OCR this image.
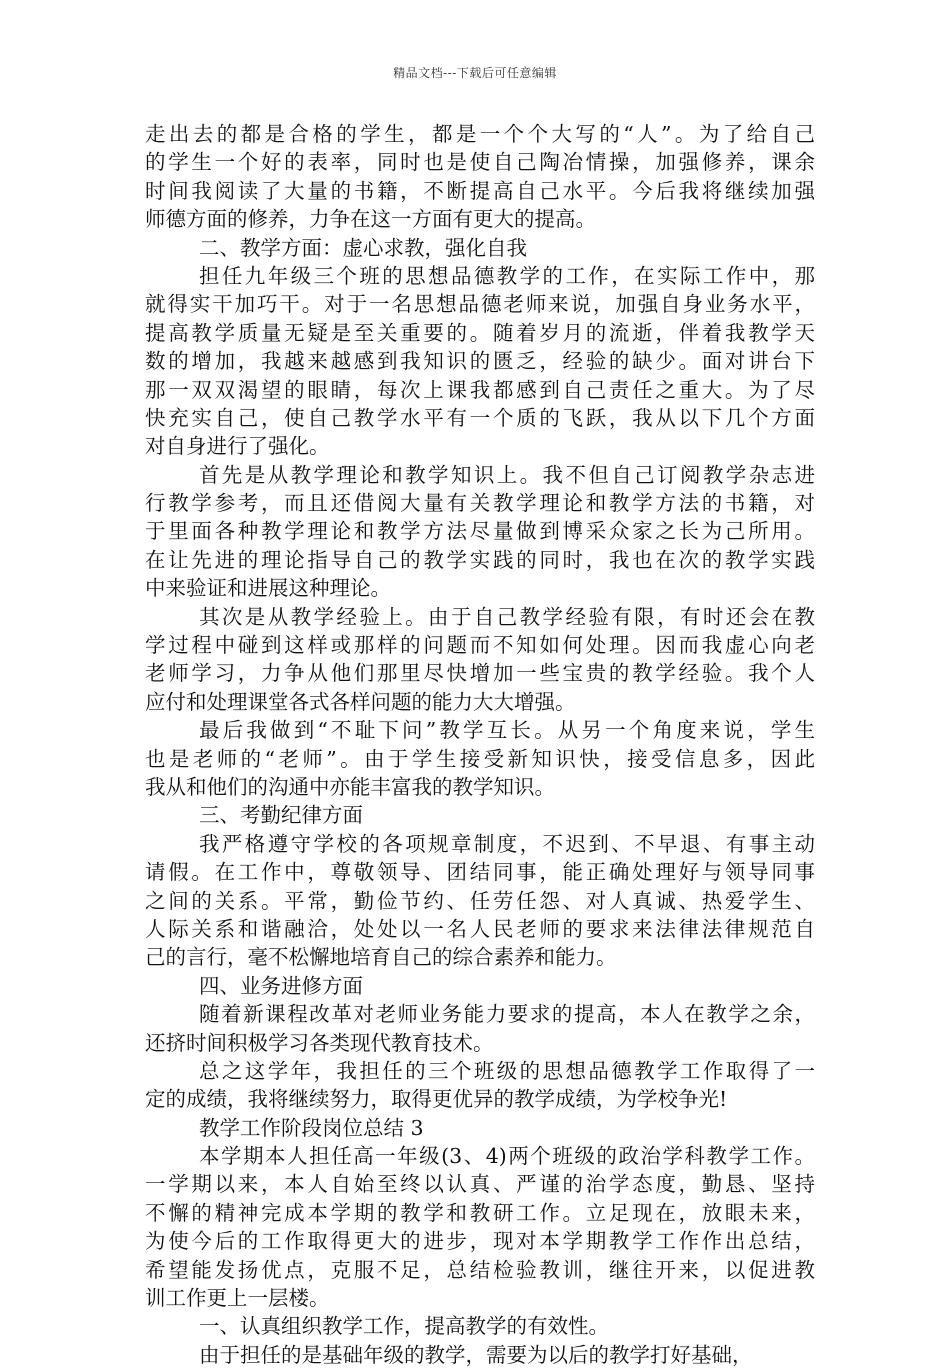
精品文档---下载后可任意编辑
走出去的都是合格的学生，都是一个个大写的“人”。为了给自己
的学生一个好的表率，同时也是使自己陶冶情操，加强修养，课余
时间我阅读了大量的书籍，不断提高自己水平。今后我将继续加强
师德方面的修养，力争在这一方面有更大的提高。
二、教学方面：虚心求教，强化自我
担任九年级三个班的思想品德教学的工作，在实际工作中，那
就得实干加巧干。对于一名思想品德老师来说，加强自身业务水平，
提高教学质量无疑是至关重要的。随着岁月的流逝，伴着我教学天
数的增加，我越来越感到我知识的匮乏，经验的缺少。面对讲台下
那一双双渴望的眼睛，每次上课我都感到自己责任之重大。为了尽
快充实自己，使自己教学水平有一个质的飞跃，我从以下几个方面
对自身进行了强化。
首先是从教学理论和教学知识上。我不但自己订阅教学杂志进
行教学参考，而且还借阅大量有关教学理论和教学方法的书籍，对
于里面各种教学理论和教学方法尽量做到博采众家之长为己所用。
在让先进的理论指导自己的教学实践的同时，我也在次的教学实践
中来验证和进展这种理论。
其次是从教学经验上。由于自己教学经验有限，有时还会在教
学过程中碰到这样或那样的问题而不知如何处理。因而我虚心向老
老师学习，力争从他们那里尽快增加一些宝贵的教学经验。我个人
应付和处理课堂各式各样问题的能力大大增强。
最后我做到“不耻下问”教学互长。从另一个角度来说，学生
也是老师的“老师”。由于学生接受新知识快，接受信息多，因此
我从和他们的沟通中亦能丰富我的教学知识。
三、考勤纪律方面
我严格遵守学校的各项规章制度，不迟到、不早退、有事主动
请假。在工作中，尊敬领导、团结同事，能正确处理好与领导同事
之间的关系。平常，勤俭节约、任劳任怨、对人真诚、热爱学生、
人际关系和谐融洽，处处以一名人民老师的要求来法律法律规范自
己的言行，毫不松懈地培育自己的综合素养和能力。
四、业务进修方面
随着新课程改革对老师业务能力要求的提高，本人在教学之余，
还挤时间积极学习各类现代教育技术。
总之这学年，我担任的三个班级的思想品德教学工作取得了一
定的成绩，我将继续努力，取得更优异的教学成绩，为学校争光!
教学工作阶段岗位总结 3
本学期本人担任高一年级(3、4)两个班级的政治学科教学工作。
一学期以来，本人自始至终以认真、严谨的治学态度，勤恳、坚持
不懈的精神完成本学期的教学和教研工作。立足现在，放眼未来，
为使今后的工作取得更大的进步，现对本学期教学工作作出总结，
希望能发扬优点，克服不足，总结检验教训，继往开来，以促进教
训工作更上一层楼。
一、认真组织教学工作，提高教学的有效性。
由于担任的是基础年级的教学，需要为以后的教学打好基础，
